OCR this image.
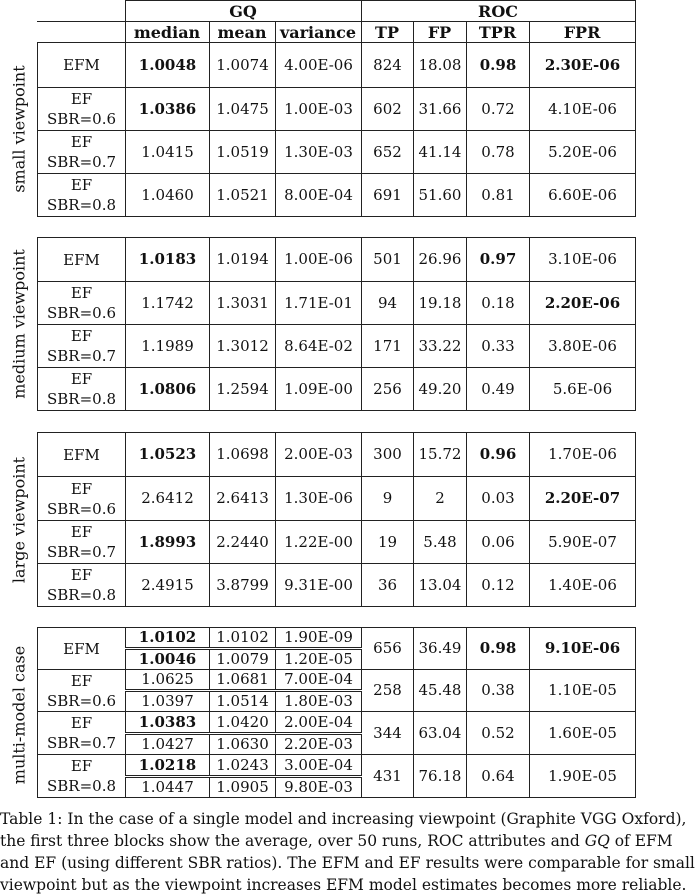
	GQ			ROC			
	median	mean	variance	TP	FP	TPR	FPR
small viewpoint
EFM	1.0048	1.0074	4.00E-06	824	18.08	0.98	2.30E-06

EF
SBR=0.6	1.0386	1.0475	1.00E-03	602	31.66	0.72	4.10E-06

EF
SBR=0.7	1.0415	1.0519	1.30E-03	652	41.14	0.78	5.20E-06

EF
SBR=0.8	1.0460	1.0521	8.00E-04	691	51.60	0.81	6.60E-06
medium viewpoint	EFM	1.0183	1.0194	1.00E-06	501	26.96	0.97	3.10E-06

EF
SBR=0.6	1.1742	1.3031	1.71E-01	94	19.18	0.18	2.20E-06

EF
SBR=0.7	1.1989	1.3012	8.64E-02	171	33.22	0.33	3.80E-06

EF
SBR=0.8	1.0806	1.2594	1.09E-00	256	49.20	0.49	5.6E-06
large viewpoint
EFM	1.0523	1.0698	2.00E-03	300	15.72	0.96	1.70E-06

EF
SBR=0.6	2.6412	2.6413	1.30E-06	9	2	0.03	2.20E-07

EF
SBR=0.7	1.8993	2.2440	1.22E-00	19	5.48	0.06	5.90E-07

EF
SBR=0.8	2.4915	3.8799	9.31E-00	36	13.04	0.12	1.40E-06
multi-model case	EFM	1.0102	1.0102	1.90E-09	656	36.49	0.98	9.10E-06
	1.0046	1.0079	1.20E-05				

EF
SBR=0.6	1.0625	1.0681	7.00E-04	258	45.48	0.38	1.10E-05
	1.0397	1.0514	1.80E-03				

EF
SBR=0.7	1.0383	1.0420	2.00E-04	344	63.04	0.52	1.60E-05
	1.0427	1.0630	2.20E-03				

EF
SBR=0.8	1.0218	1.0243	3.00E-04	431	76.18	0.64	1.90E-05
	1.0447	1.0905	9.80E-03				
Table 1: In the case of a single model and increasing viewpoint (Graphite VGG Oxford),
the first three blocks show the average, over 50 runs, ROC attributes and GQ of EFM
and EF (using different SBR ratios). The EFM and EF results were comparable for small
viewpoint but as the viewpoint increases EFM model estimates becomes more reliable.
